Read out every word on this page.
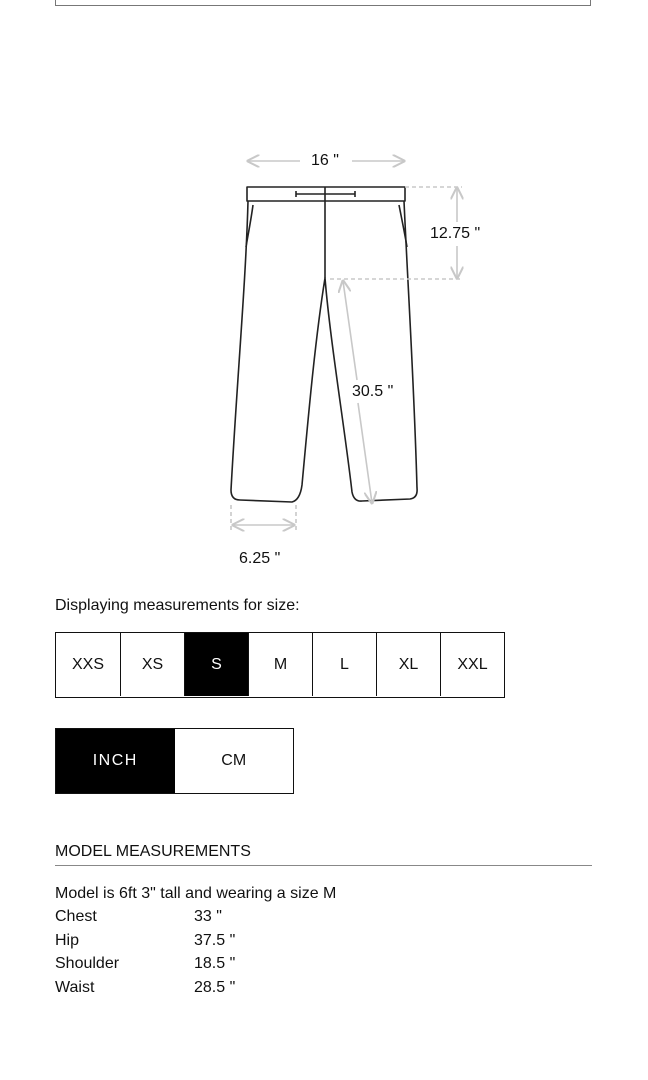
16 "
12.75 "
30.5 "
6.25 "
Displaying measurements for size:
XXS	XS	S	M	L	XL	XXL
INCH	CM
MODEL MEASUREMENTS
Model is 6ft 3" tall and wearing a size M
Chest	33 "
Hip	37.5 "
Shoulder	18.5 "
Waist	28.5 "
